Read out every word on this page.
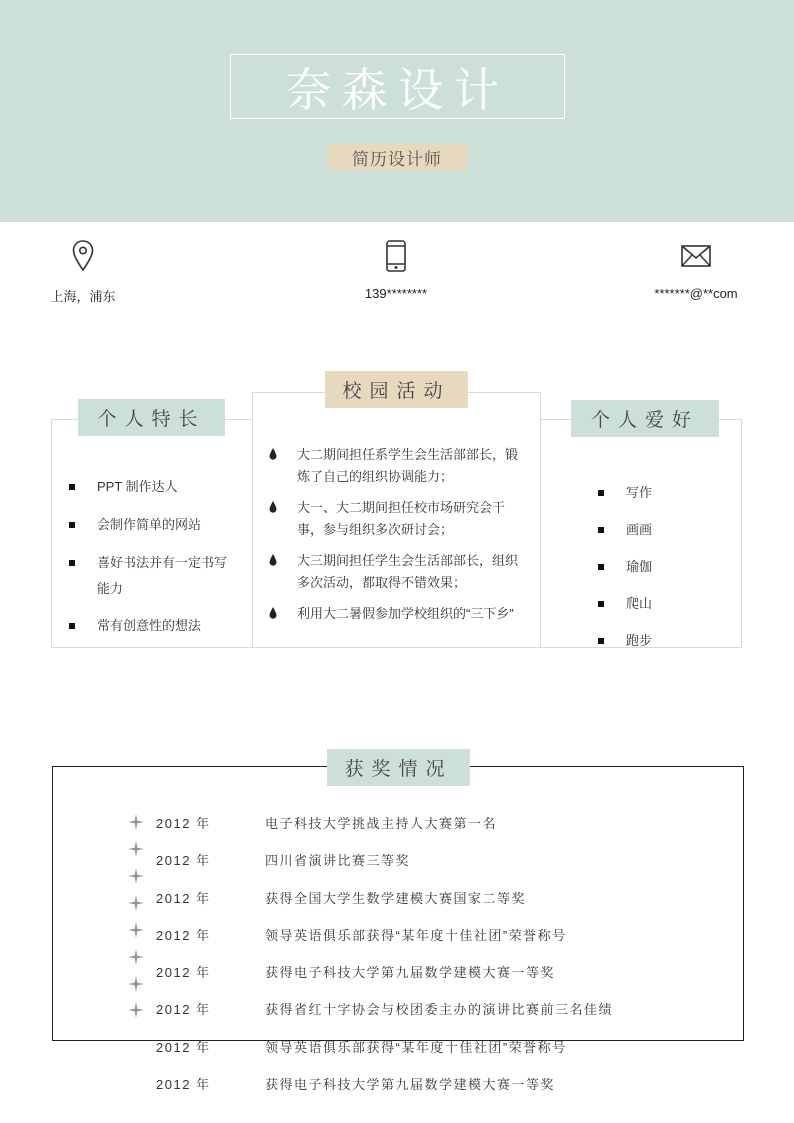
奈森设计
简历设计师
上海，浦东	139********	*******@**com
PPT 制作达人
会制作简单的网站
喜好书法并有一定书写能力
常有创意性的想法
个人特长
写作
画画
瑜伽
爬山
跑步
个人爱好
大二期间担任系学生会生活部部长，锻炼了自己的组织协调能力；
大一、大二期间担任校市场研究会干事，参与组织多次研讨会；
大三期间担任学生会生活部部长，组织多次活动，都取得不错效果；
利用大二暑假参加学校组织的“三下乡”
校园活动
获奖情况
2012 年	电子科技大学挑战主持人大赛第一名
2012 年	四川省演讲比赛三等奖
2012 年	获得全国大学生数学建模大赛国家二等奖
2012 年	领导英语俱乐部获得“某年度十佳社团”荣誉称号
2012 年	获得电子科技大学第九届数学建模大赛一等奖
2012 年	获得省红十字协会与校团委主办的演讲比赛前三名佳绩
2012 年	领导英语俱乐部获得“某年度十佳社团”荣誉称号
2012 年	获得电子科技大学第九届数学建模大赛一等奖
